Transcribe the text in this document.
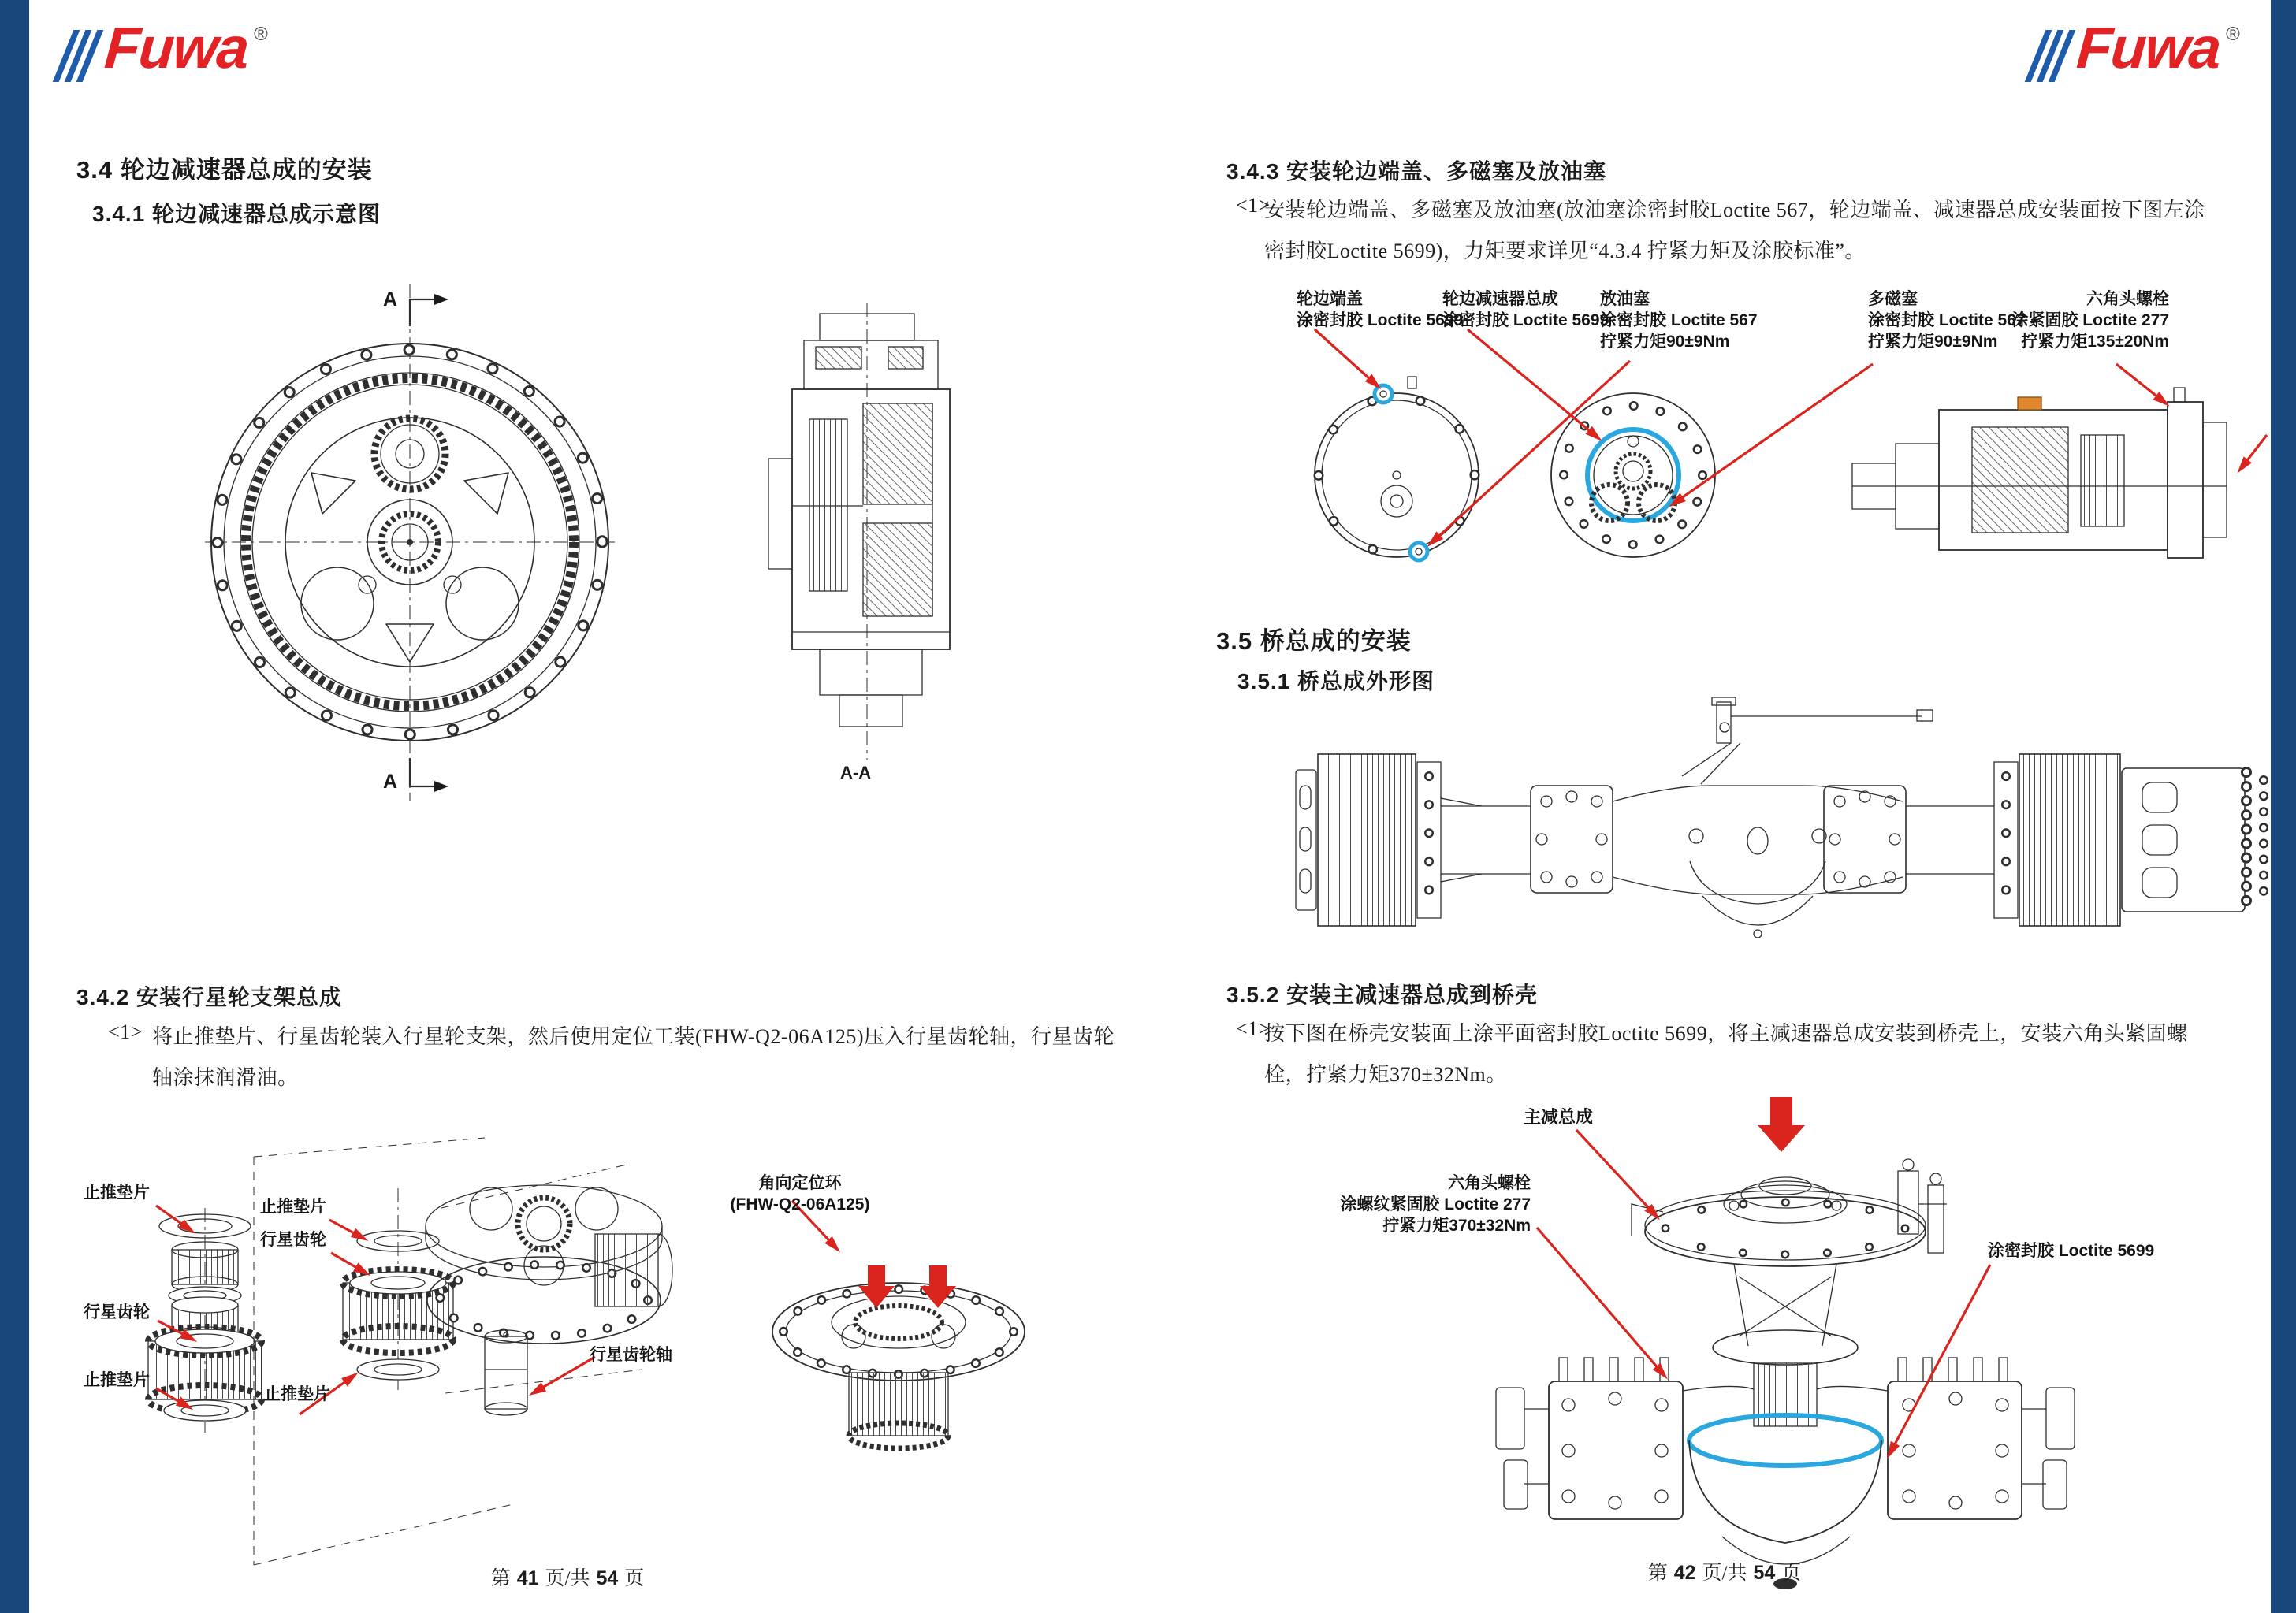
Fuwa ®	Fuwa ®
3.4 轮边减速器总成的安装
3.4.1 轮边减速器总成示意图
A
A	A-A
3.4.2 安装行星轮支架总成
<1> 将止推垫片、行星齿轮装入行星轮支架，然后使用定位工装(FHW-Q2-06A125)压入行星齿轮轴，行星齿轮
轴涂抹润滑油。
止推垫片
止推垫片
行星齿轮
行星齿轮
止推垫片
止推垫片
行星齿轮轴
角向定位环
(FHW-Q2-06A125)
第 41 页/共 54 页
3.4.3 安装轮边端盖、多磁塞及放油塞
<1>
安装轮边端盖、多磁塞及放油塞(放油塞涂密封胶Loctite 567，轮边端盖、减速器总成安装面按下图左涂
密封胶Loctite 5699)，力矩要求详见“4.3.4 拧紧力矩及涂胶标准”。
轮边端盖
涂密封胶 Loctite 5699
轮边减速器总成
涂密封胶 Loctite 5699
放油塞
涂密封胶 Loctite 567
拧紧力矩90±9Nm
多磁塞
涂密封胶 Loctite 567
拧紧力矩90±9Nm
六角头螺栓
涂紧固胶 Loctite 277
拧紧力矩135±20Nm
3.5 桥总成的安装
3.5.1 桥总成外形图
3.5.2 安装主减速器总成到桥壳
<1>
按下图在桥壳安装面上涂平面密封胶Loctite 5699，将主减速器总成安装到桥壳上，安装六角头紧固螺
栓，拧紧力矩370±32Nm。
主减总成
六角头螺栓
涂螺纹紧固胶 Loctite 277
拧紧力矩370±32Nm
涂密封胶 Loctite 5699
第 42 页/共 54 页
